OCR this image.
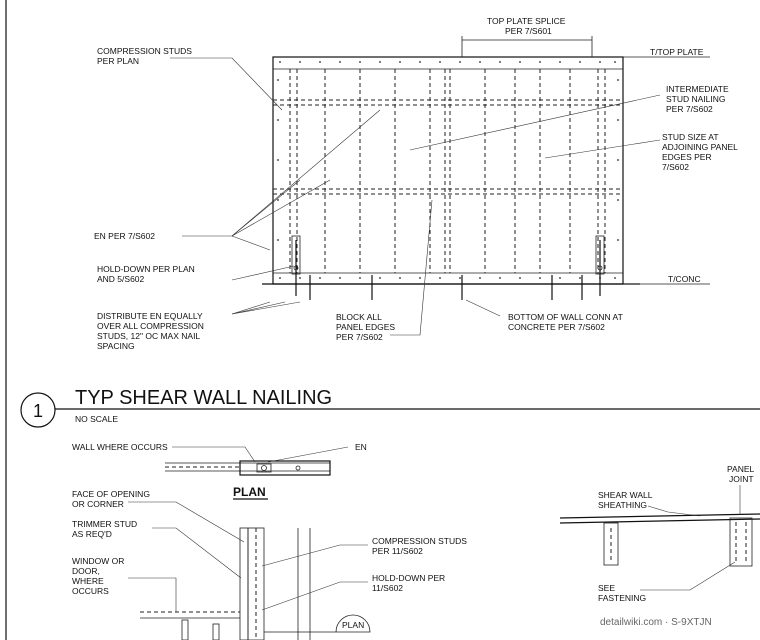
TOP PLATE SPLICE
PER 7/S601
T/TOP PLATE
COMPRESSION STUDS
PER PLAN
INTERMEDIATE
STUD NAILING
PER 7/S602
STUD SIZE AT
ADJOINING PANEL
EDGES PER
7/S602
EN PER 7/S602
HOLD-DOWN PER PLAN
AND 5/S602	T/CONC
DISTRIBUTE EN EQUALLY
OVER ALL COMPRESSION
STUDS, 12" OC MAX NAIL
SPACING
BLOCK ALL
PANEL EDGES
PER 7/S602
BOTTOM OF WALL CONN AT
CONCRETE PER 7/S602
1
TYP SHEAR WALL NAILING
NO SCALE
PLAN
PLAN
WALL WHERE OCCURS	EN
FACE OF OPENING
OR CORNER
TRIMMER STUD
AS REQ'D
WINDOW OR
DOOR,
WHERE
OCCURS
COMPRESSION STUDS
PER 11/S602
HOLD-DOWN PER
11/S602
SHEAR WALL
SHEATHING
PANEL
JOINT
SEE
FASTENING
detailwiki.com · S-9XTJN
